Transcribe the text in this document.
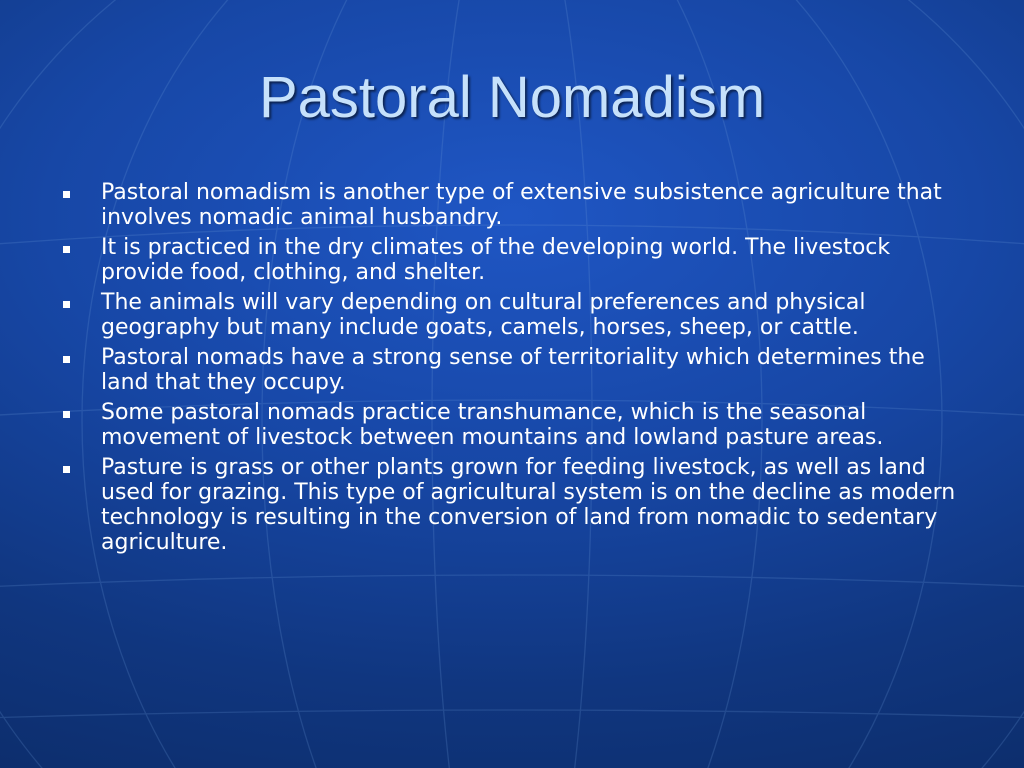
Pastoral Nomadism
Pastoral nomadism is another type of extensive subsistence agriculture that involves nomadic animal husbandry.
It is practiced in the dry climates of the developing world. The livestock provide food, clothing, and shelter.
The animals will vary depending on cultural preferences and physical geography but many include goats, camels, horses, sheep, or cattle.
Pastoral nomads have a strong sense of territoriality which determines the land that they occupy.
Some pastoral nomads practice transhumance, which is the seasonal movement of livestock between mountains and lowland pasture areas.
Pasture is grass or other plants grown for feeding livestock, as well as land used for grazing. This type of agricultural system is on the decline as modern technology is resulting in the conversion of land from nomadic to sedentary agriculture.
